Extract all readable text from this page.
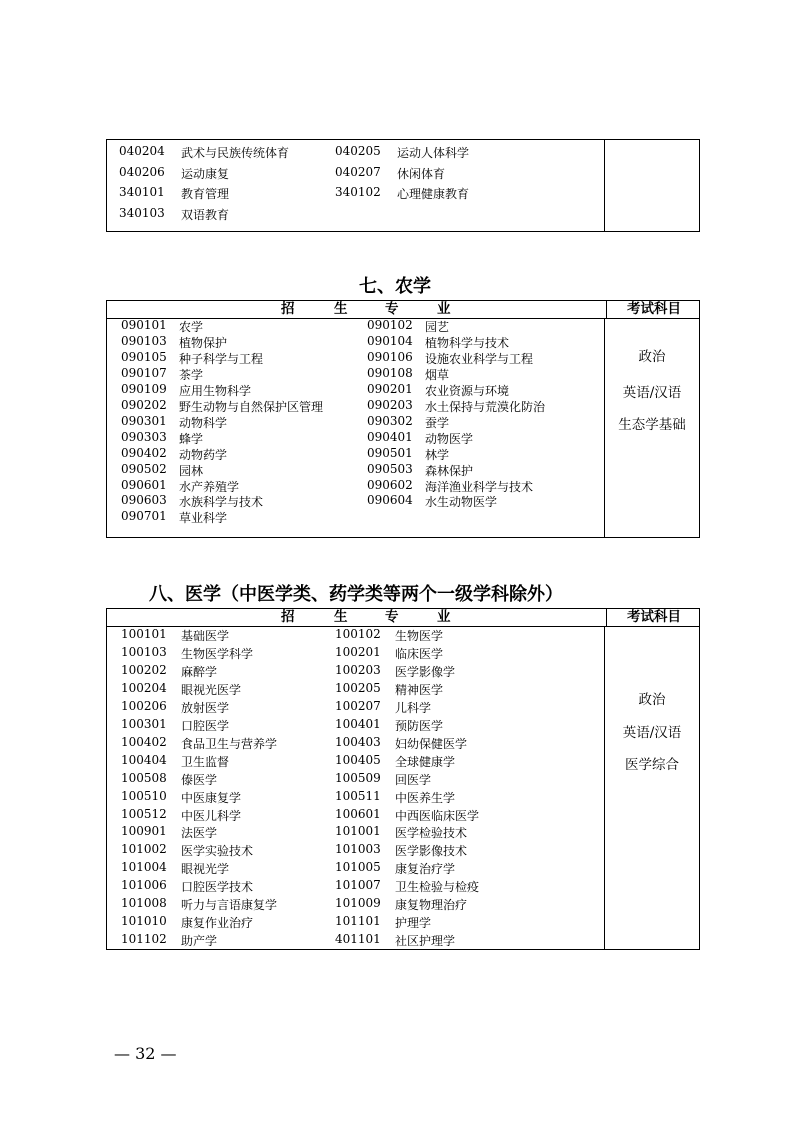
040204 武术与民族传统体育	040205 运动人体科学
040206 运动康复	040207 休闲体育
340101 教育管理	340102 心理健康教育
340103 双语教育
七、农学
招	生	专	业	考试科目
090101 农学	090102 园艺
090103 植物保护	090104 植物科学与技术
090105 种子科学与工程	090106 设施农业科学与工程
090107 茶学	090108 烟草
090109 应用生物科学	090201 农业资源与环境
090202 野生动物与自然保护区管理	090203 水土保持与荒漠化防治
090301 动物科学	090302 蚕学
090303 蜂学	090401 动物医学
090402 动物药学	090501 林学
090502 园林	090503 森林保护
090601 水产养殖学	090602 海洋渔业科学与技术
090603 水族科学与技术	090604 水生动物医学
090701 草业科学
政治
英语/汉语
生态学基础
八、医学（中医学类、药学类等两个一级学科除外）
招	生	专	业	考试科目
100101 基础医学	100102 生物医学
100103 生物医学科学	100201 临床医学
100202 麻醉学	100203 医学影像学
100204 眼视光医学	100205 精神医学
100206 放射医学	100207 儿科学
100301 口腔医学	100401 预防医学
100402 食品卫生与营养学	100403 妇幼保健医学
100404 卫生监督	100405 全球健康学
100508 傣医学	100509 回医学
100510 中医康复学	100511 中医养生学
100512 中医儿科学	100601 中西医临床医学
100901 法医学	101001 医学检验技术
101002 医学实验技术	101003 医学影像技术
101004 眼视光学	101005 康复治疗学
101006 口腔医学技术	101007 卫生检验与检疫
101008 听力与言语康复学	101009 康复物理治疗
101010 康复作业治疗	101101 护理学
101102 助产学	401101 社区护理学
政治
英语/汉语
医学综合
— 32 —
